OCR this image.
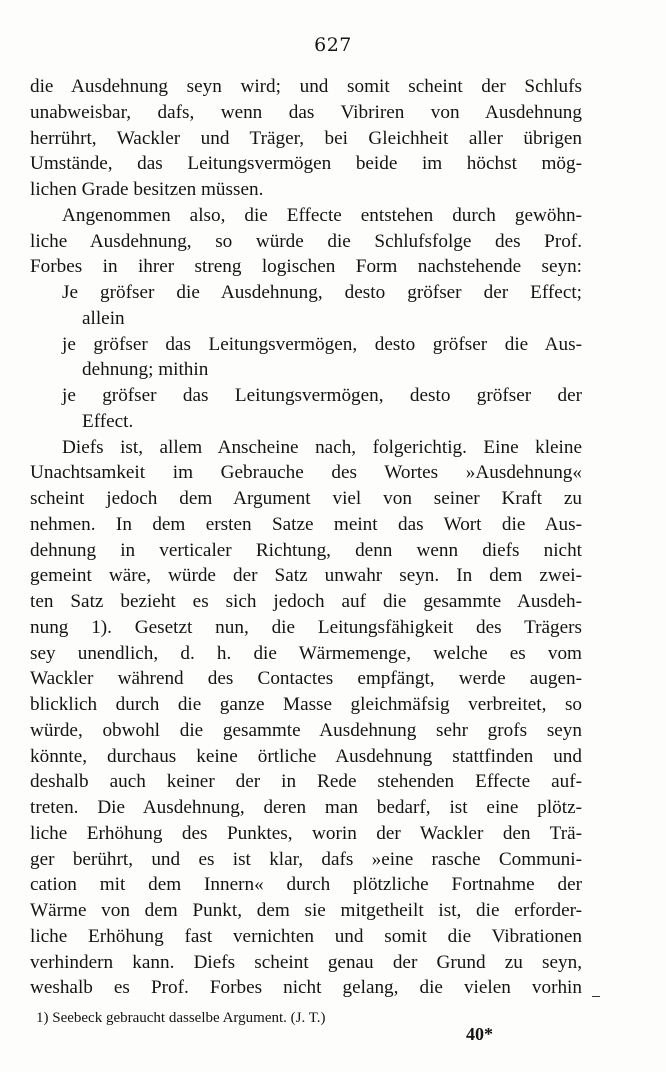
627
die Ausdehnung seyn wird; und somit scheint der Schlufs
unabweisbar, dafs, wenn das Vibriren von Ausdehnung
herrührt, Wackler und Träger, bei Gleichheit aller übrigen
Umstände, das Leitungsvermögen beide im höchst mög-
lichen Grade besitzen müssen.
Angenommen also, die Effecte entstehen durch gewöhn-
liche Ausdehnung, so würde die Schlufsfolge des Prof.
Forbes in ihrer streng logischen Form nachstehende seyn:
Je gröfser die Ausdehnung, desto gröfser der Effect;
allein
je gröfser das Leitungsvermögen, desto gröfser die Aus-
dehnung; mithin
je gröfser das Leitungsvermögen, desto gröfser der
Effect.
Diefs ist, allem Anscheine nach, folgerichtig. Eine kleine
Unachtsamkeit im Gebrauche des Wortes »Ausdehnung«
scheint jedoch dem Argument viel von seiner Kraft zu
nehmen. In dem ersten Satze meint das Wort die Aus-
dehnung in verticaler Richtung, denn wenn diefs nicht
gemeint wäre, würde der Satz unwahr seyn. In dem zwei-
ten Satz bezieht es sich jedoch auf die gesammte Ausdeh-
nung 1). Gesetzt nun, die Leitungsfähigkeit des Trägers
sey unendlich, d. h. die Wärmemenge, welche es vom
Wackler während des Contactes empfängt, werde augen-
blicklich durch die ganze Masse gleichmäfsig verbreitet, so
würde, obwohl die gesammte Ausdehnung sehr grofs seyn
könnte, durchaus keine örtliche Ausdehnung stattfinden und
deshalb auch keiner der in Rede stehenden Effecte auf-
treten. Die Ausdehnung, deren man bedarf, ist eine plötz-
liche Erhöhung des Punktes, worin der Wackler den Trä-
ger berührt, und es ist klar, dafs »eine rasche Communi-
cation mit dem Innern« durch plötzliche Fortnahme der
Wärme von dem Punkt, dem sie mitgetheilt ist, die erforder-
liche Erhöhung fast vernichten und somit die Vibrationen
verhindern kann. Diefs scheint genau der Grund zu seyn,
weshalb es Prof. Forbes nicht gelang, die vielen vorhin
1) Seebeck gebraucht dasselbe Argument. (J. T.)
40*
